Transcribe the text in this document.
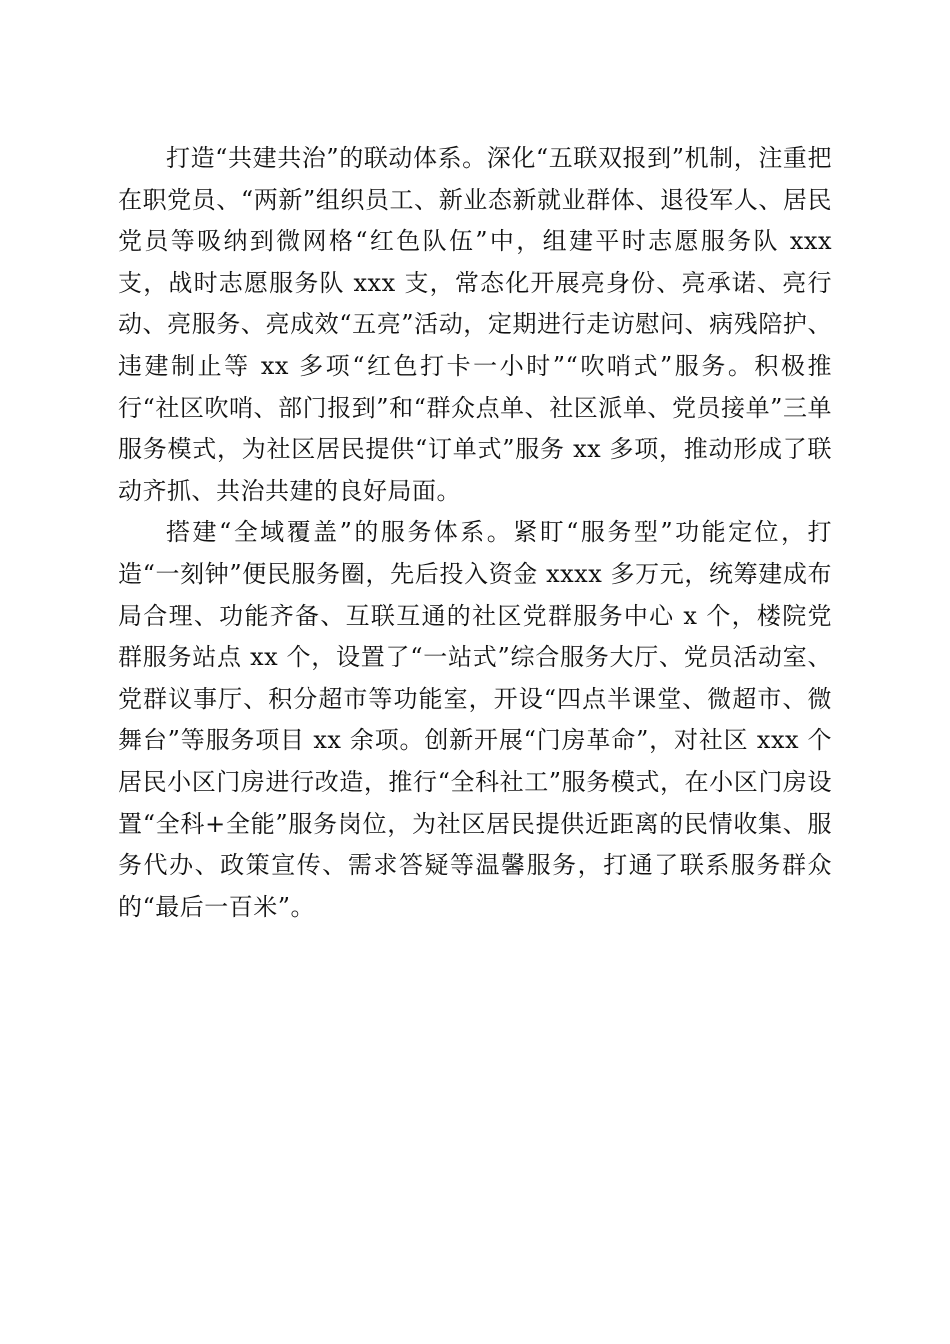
打造“共建共治”的联动体系。深化“五联双报到”机制，注重把在职党员、“两新”组织员工、新业态新就业群体、退役军人、居民党员等吸纳到微网格“红色队伍”中，组建平时志愿服务队 xxx 支，战时志愿服务队 xxx 支，常态化开展亮身份、亮承诺、亮行动、亮服务、亮成效“五亮”活动，定期进行走访慰问、病残陪护、违建制止等 xx 多项“红色打卡一小时”“吹哨式”服务。积极推行“社区吹哨、部门报到”和“群众点单、社区派单、党员接单”三单服务模式，为社区居民提供“订单式”服务 xx 多项，推动形成了联动齐抓、共治共建的良好局面。

搭建“全域覆盖”的服务体系。紧盯“服务型”功能定位，打造“一刻钟”便民服务圈，先后投入资金 xxxx 多万元，统筹建成布局合理、功能齐备、互联互通的社区党群服务中心 x 个，楼院党群服务站点 xx 个，设置了“一站式”综合服务大厅、党员活动室、党群议事厅、积分超市等功能室，开设“四点半课堂、微超市、微舞台”等服务项目 xx 余项。创新开展“门房革命”，对社区 xxx 个居民小区门房进行改造，推行“全科社工”服务模式，在小区门房设置“全科+全能”服务岗位，为社区居民提供近距离的民情收集、服务代办、政策宣传、需求答疑等温馨服务，打通了联系服务群众的“最后一百米”。
